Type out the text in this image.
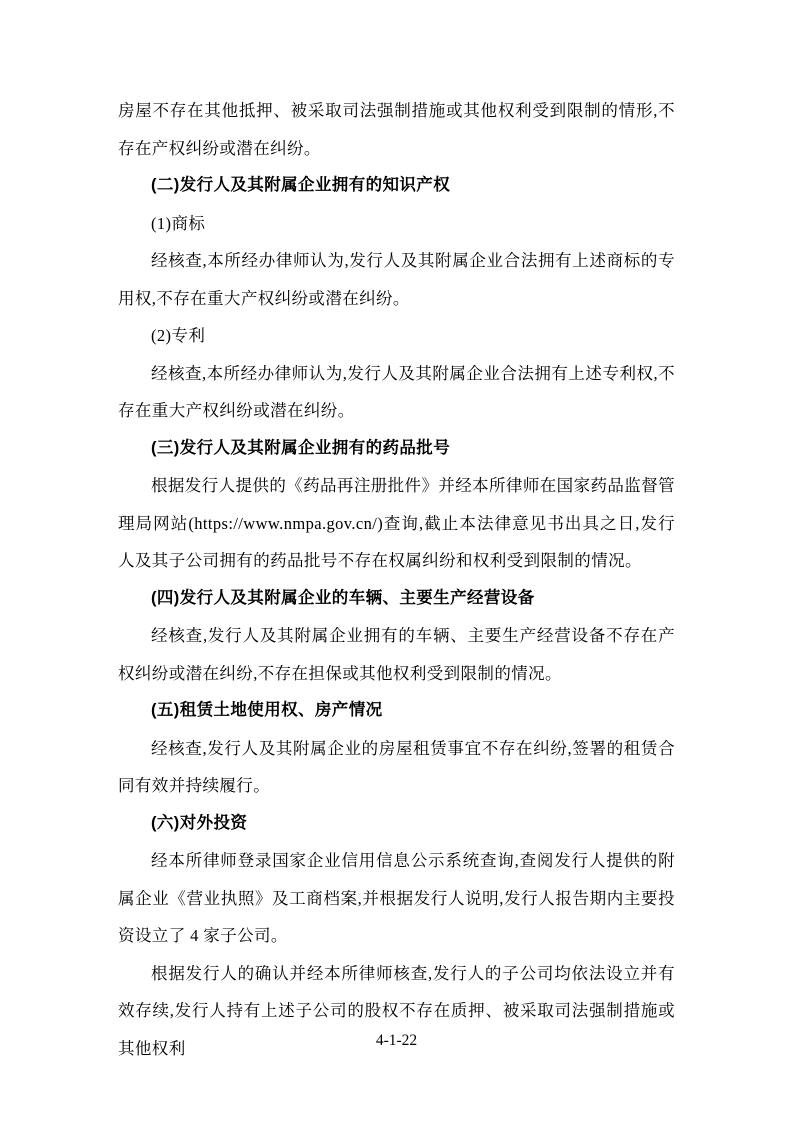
房屋不存在其他抵押、被采取司法强制措施或其他权利受到限制的情形,不存在产权纠纷或潜在纠纷。

(二)发行人及其附属企业拥有的知识产权

(1)商标

经核查,本所经办律师认为,发行人及其附属企业合法拥有上述商标的专用权,不存在重大产权纠纷或潜在纠纷。

(2)专利

经核查,本所经办律师认为,发行人及其附属企业合法拥有上述专利权,不存在重大产权纠纷或潜在纠纷。

(三)发行人及其附属企业拥有的药品批号

根据发行人提供的《药品再注册批件》并经本所律师在国家药品监督管理局网站(https://www.nmpa.gov.cn/)查询,截止本法律意见书出具之日,发行人及其子公司拥有的药品批号不存在权属纠纷和权利受到限制的情况。

(四)发行人及其附属企业的车辆、主要生产经营设备

经核查,发行人及其附属企业拥有的车辆、主要生产经营设备不存在产权纠纷或潜在纠纷,不存在担保或其他权利受到限制的情况。

(五)租赁土地使用权、房产情况

经核查,发行人及其附属企业的房屋租赁事宜不存在纠纷,签署的租赁合同有效并持续履行。

(六)对外投资

经本所律师登录国家企业信用信息公示系统查询,查阅发行人提供的附属企业《营业执照》及工商档案,并根据发行人说明,发行人报告期内主要投资设立了 4 家子公司。

根据发行人的确认并经本所律师核查,发行人的子公司均依法设立并有效存续,发行人持有上述子公司的股权不存在质押、被采取司法强制措施或其他权利	4-1-22
